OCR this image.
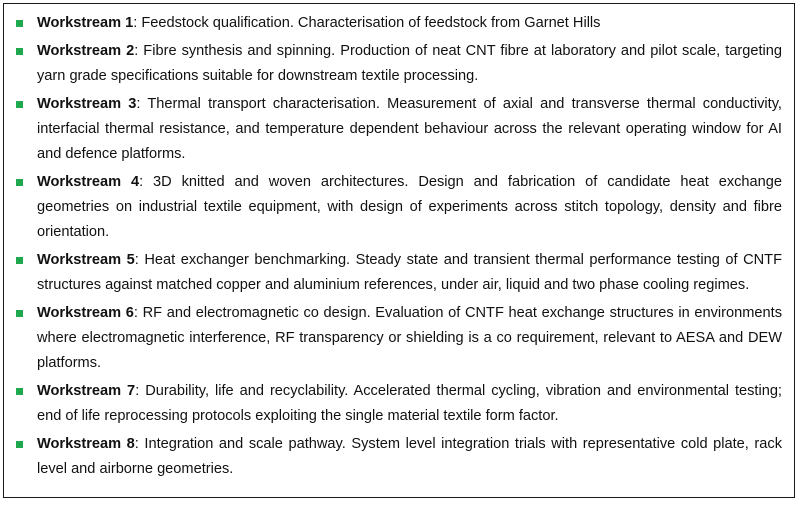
Workstream 1: Feedstock qualification. Characterisation of feedstock from Garnet Hills
Workstream 2: Fibre synthesis and spinning. Production of neat CNT fibre at laboratory and pilot scale, targeting yarn grade specifications suitable for downstream textile processing.
Workstream 3: Thermal transport characterisation. Measurement of axial and transverse thermal conductivity, interfacial thermal resistance, and temperature dependent behaviour across the relevant operating window for AI and defence platforms.
Workstream 4: 3D knitted and woven architectures. Design and fabrication of candidate heat exchange geometries on industrial textile equipment, with design of experiments across stitch topology, density and fibre orientation.
Workstream 5: Heat exchanger benchmarking. Steady state and transient thermal performance testing of CNTF structures against matched copper and aluminium references, under air, liquid and two phase cooling regimes.
Workstream 6: RF and electromagnetic co design. Evaluation of CNTF heat exchange structures in environments where electromagnetic interference, RF transparency or shielding is a co requirement, relevant to AESA and DEW platforms.
Workstream 7: Durability, life and recyclability. Accelerated thermal cycling, vibration and environmental testing; end of life reprocessing protocols exploiting the single material textile form factor.
Workstream 8: Integration and scale pathway. System level integration trials with representative cold plate, rack level and airborne geometries.
